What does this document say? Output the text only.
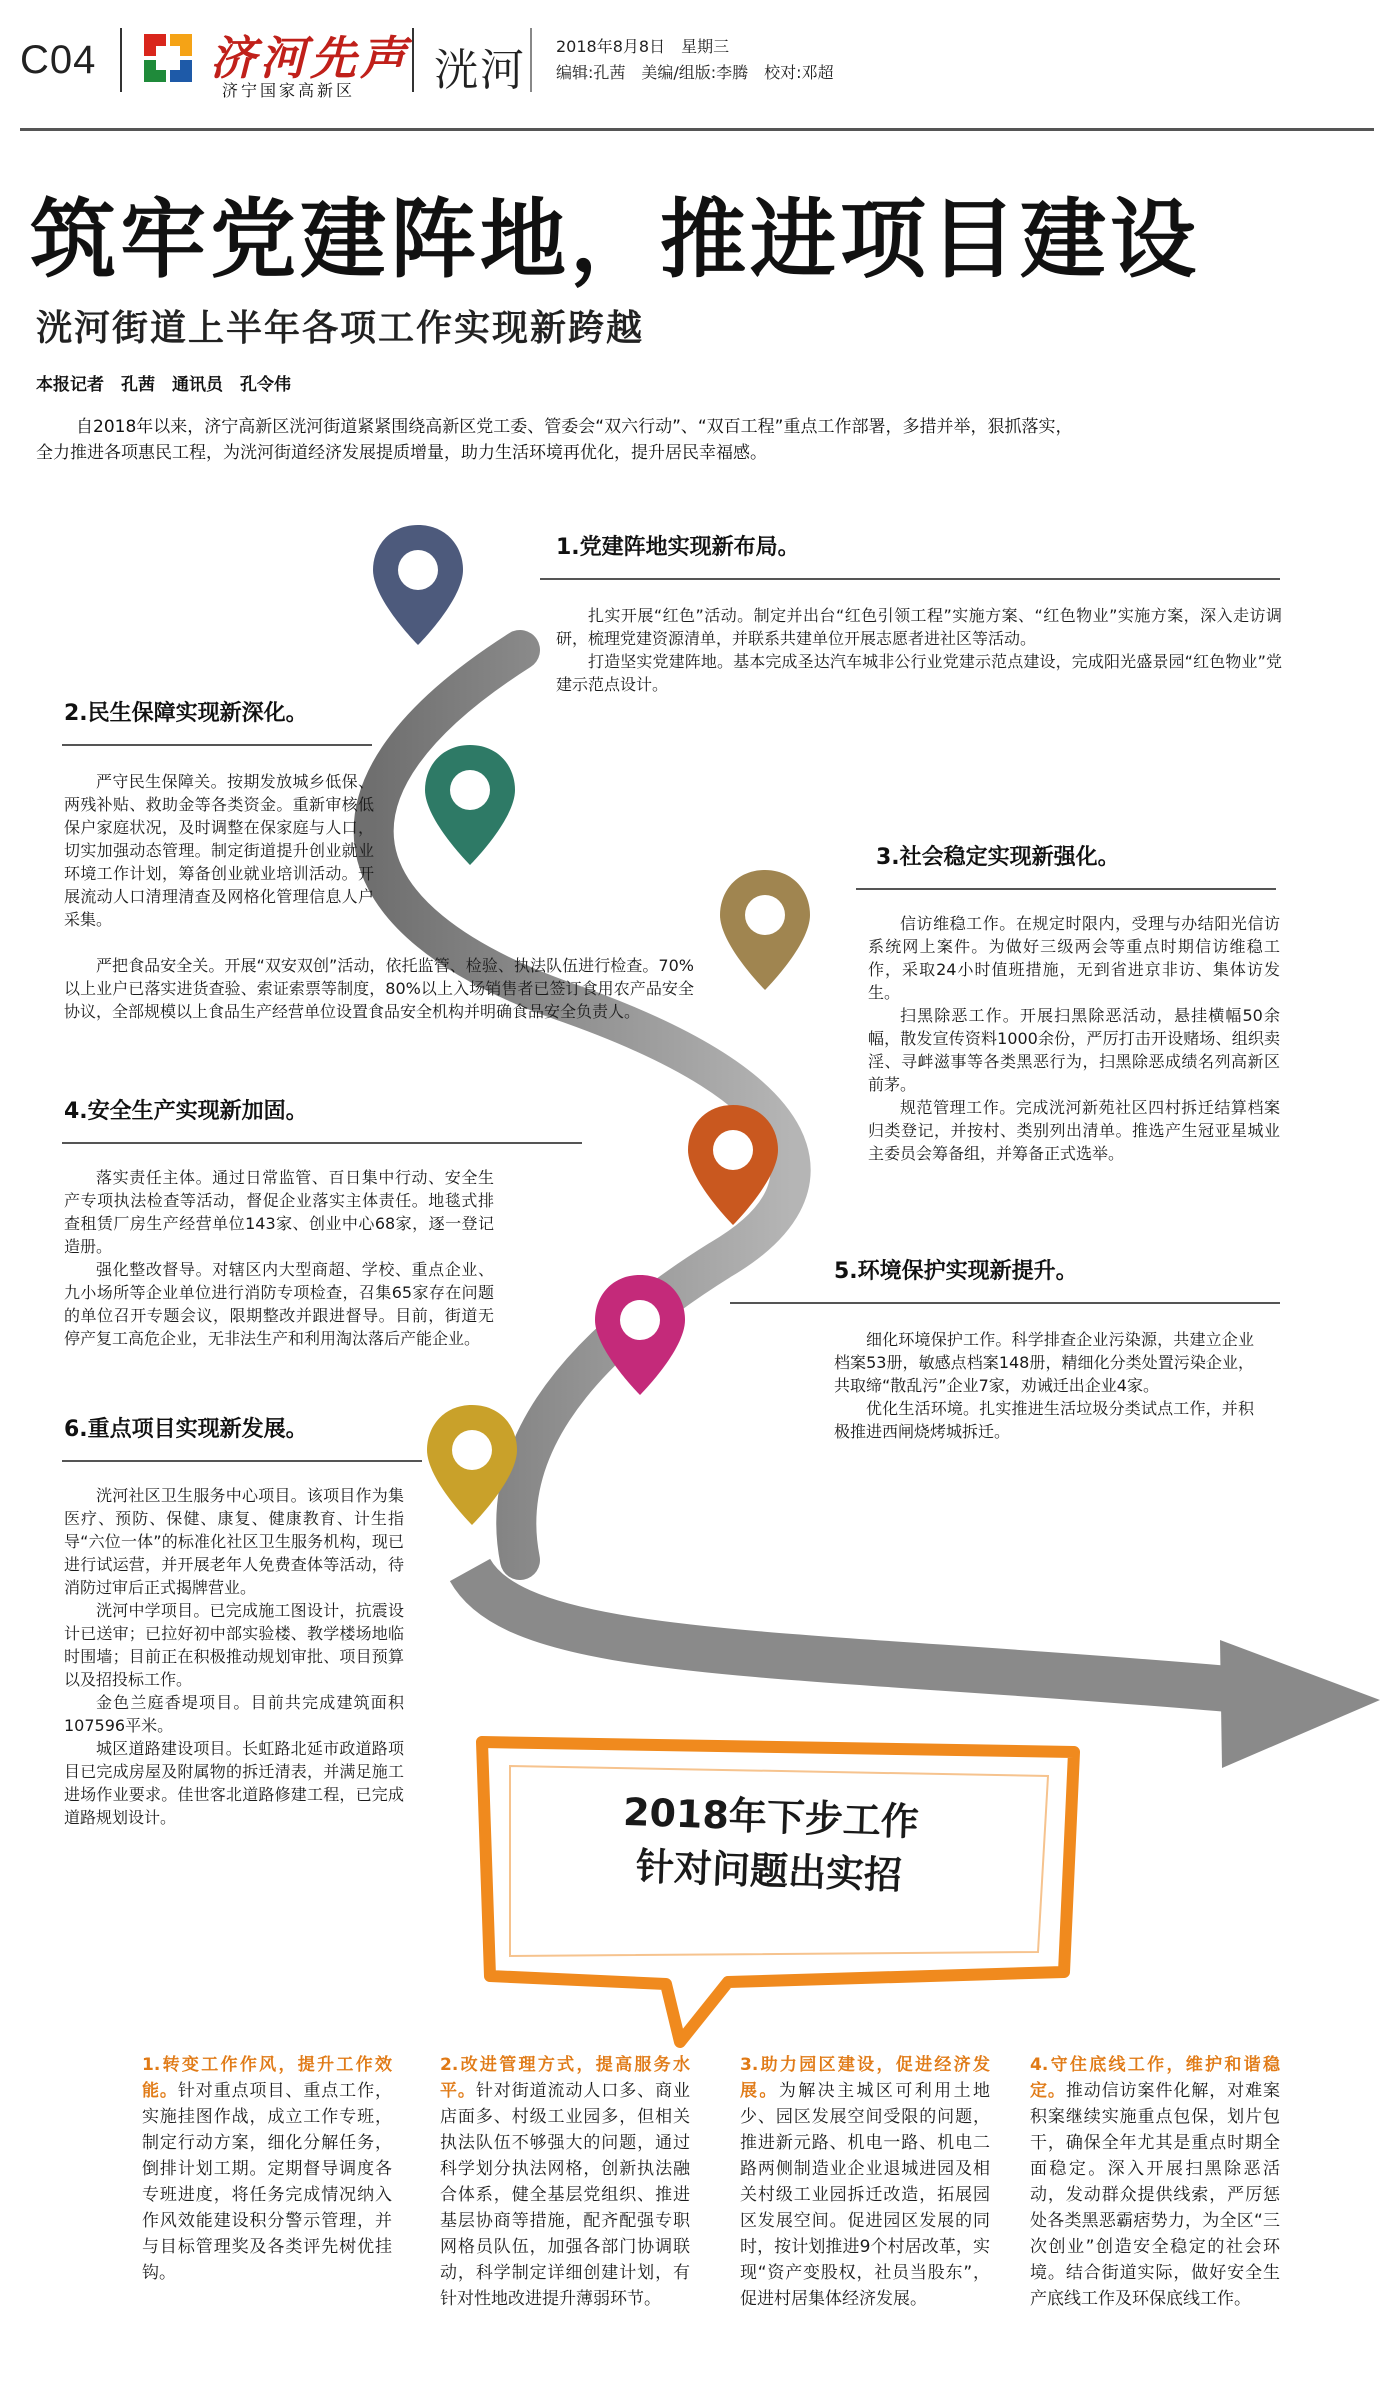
C04 济河先声
济宁国家高新区 洸河 2018年8月8日　星期三
编辑:孔茜　美编/组版:李腾　校对:邓超
筑牢党建阵地，推进项目建设
洸河街道上半年各项工作实现新跨越
本报记者　孔茜　通讯员　孔令伟
自2018年以来，济宁高新区洸河街道紧紧围绕高新区党工委、管委会“双六行动”、“双百工程”重点工作部署，多措并举，狠抓落实，全力推进各项惠民工程，为洸河街道经济发展提质增量，助力生活环境再优化，提升居民幸福感。
1.党建阵地实现新布局。

扎实开展“红色”活动。制定并出台“红色引领工程”实施方案、“红色物业”实施方案，深入走访调研，梳理党建资源清单，并联系共建单位开展志愿者进社区等活动。

打造坚实党建阵地。基本完成圣达汽车城非公行业党建示范点建设，完成阳光盛景园“红色物业”党建示范点设计。

2.民生保障实现新深化。

严守民生保障关。按期发放城乡低保、两残补贴、救助金等各类资金。重新审核低保户家庭状况，及时调整在保家庭与人口，切实加强动态管理。制定街道提升创业就业环境工作计划，筹备创业就业培训活动。开展流动人口清理清查及网格化管理信息人户采集。

严把食品安全关。开展“双安双创”活动，依托监管、检验、执法队伍进行检查。70%以上业户已落实进货查验、索证索票等制度，80%以上入场销售者已签订食用农产品安全协议，全部规模以上食品生产经营单位设置食品安全机构并明确食品安全负责人。

3.社会稳定实现新强化。

信访维稳工作。在规定时限内，受理与办结阳光信访系统网上案件。为做好三级两会等重点时期信访维稳工作，采取24小时值班措施，无到省进京非访、集体访发生。

扫黑除恶工作。开展扫黑除恶活动，悬挂横幅50余幅，散发宣传资料1000余份，严厉打击开设赌场、组织卖淫、寻衅滋事等各类黑恶行为，扫黑除恶成绩名列高新区前茅。

规范管理工作。完成洸河新苑社区四村拆迁结算档案归类登记，并按村、类别列出清单。推选产生冠亚星城业主委员会筹备组，并筹备正式选举。

4.安全生产实现新加固。

落实责任主体。通过日常监管、百日集中行动、安全生产专项执法检查等活动，督促企业落实主体责任。地毯式排查租赁厂房生产经营单位143家、创业中心68家，逐一登记造册。

强化整改督导。对辖区内大型商超、学校、重点企业、九小场所等企业单位进行消防专项检查，召集65家存在问题的单位召开专题会议，限期整改并跟进督导。目前，街道无停产复工高危企业，无非法生产和利用淘汰落后产能企业。

5.环境保护实现新提升。

细化环境保护工作。科学排查企业污染源，共建立企业档案53册，敏感点档案148册，精细化分类处置污染企业，共取缔“散乱污”企业7家，劝诫迁出企业4家。

优化生活环境。扎实推进生活垃圾分类试点工作，并积极推进西闸烧烤城拆迁。

6.重点项目实现新发展。

洸河社区卫生服务中心项目。该项目作为集医疗、预防、保健、康复、健康教育、计生指导“六位一体”的标准化社区卫生服务机构，现已进行试运营，并开展老年人免费查体等活动，待消防过审后正式揭牌营业。

洸河中学项目。已完成施工图设计，抗震设计已送审；已拉好初中部实验楼、教学楼场地临时围墙；目前正在积极推动规划审批、项目预算以及招投标工作。

金色兰庭香堤项目。目前共完成建筑面积107596平米。

城区道路建设项目。长虹路北延市政道路项目已完成房屋及附属物的拆迁清表，并满足施工进场作业要求。佳世客北道路修建工程，已完成道路规划设计。	2018年下步工作
针对问题出实招
1.转变工作作风，提升工作效能。针对重点项目、重点工作，实施挂图作战，成立工作专班，制定行动方案，细化分解任务，倒排计划工期。定期督导调度各专班进度，将任务完成情况纳入作风效能建设积分警示管理，并与目标管理奖及各类评先树优挂钩。
2.改进管理方式，提高服务水平。针对街道流动人口多、商业店面多、村级工业园多，但相关执法队伍不够强大的问题，通过科学划分执法网格，创新执法融合体系，健全基层党组织、推进基层协商等措施，配齐配强专职网格员队伍，加强各部门协调联动，科学制定详细创建计划，有针对性地改进提升薄弱环节。
3.助力园区建设，促进经济发展。为解决主城区可利用土地少、园区发展空间受限的问题，推进新元路、机电一路、机电二路两侧制造业企业退城进园及相关村级工业园拆迁改造，拓展园区发展空间。促进园区发展的同时，按计划推进9个村居改革，实现“资产变股权，社员当股东”，促进村居集体经济发展。
4.守住底线工作，维护和谐稳定。推动信访案件化解，对难案积案继续实施重点包保，划片包干，确保全年尤其是重点时期全面稳定。深入开展扫黑除恶活动，发动群众提供线索，严厉惩处各类黑恶霸痞势力，为全区“三次创业”创造安全稳定的社会环境。结合街道实际，做好安全生产底线工作及环保底线工作。
